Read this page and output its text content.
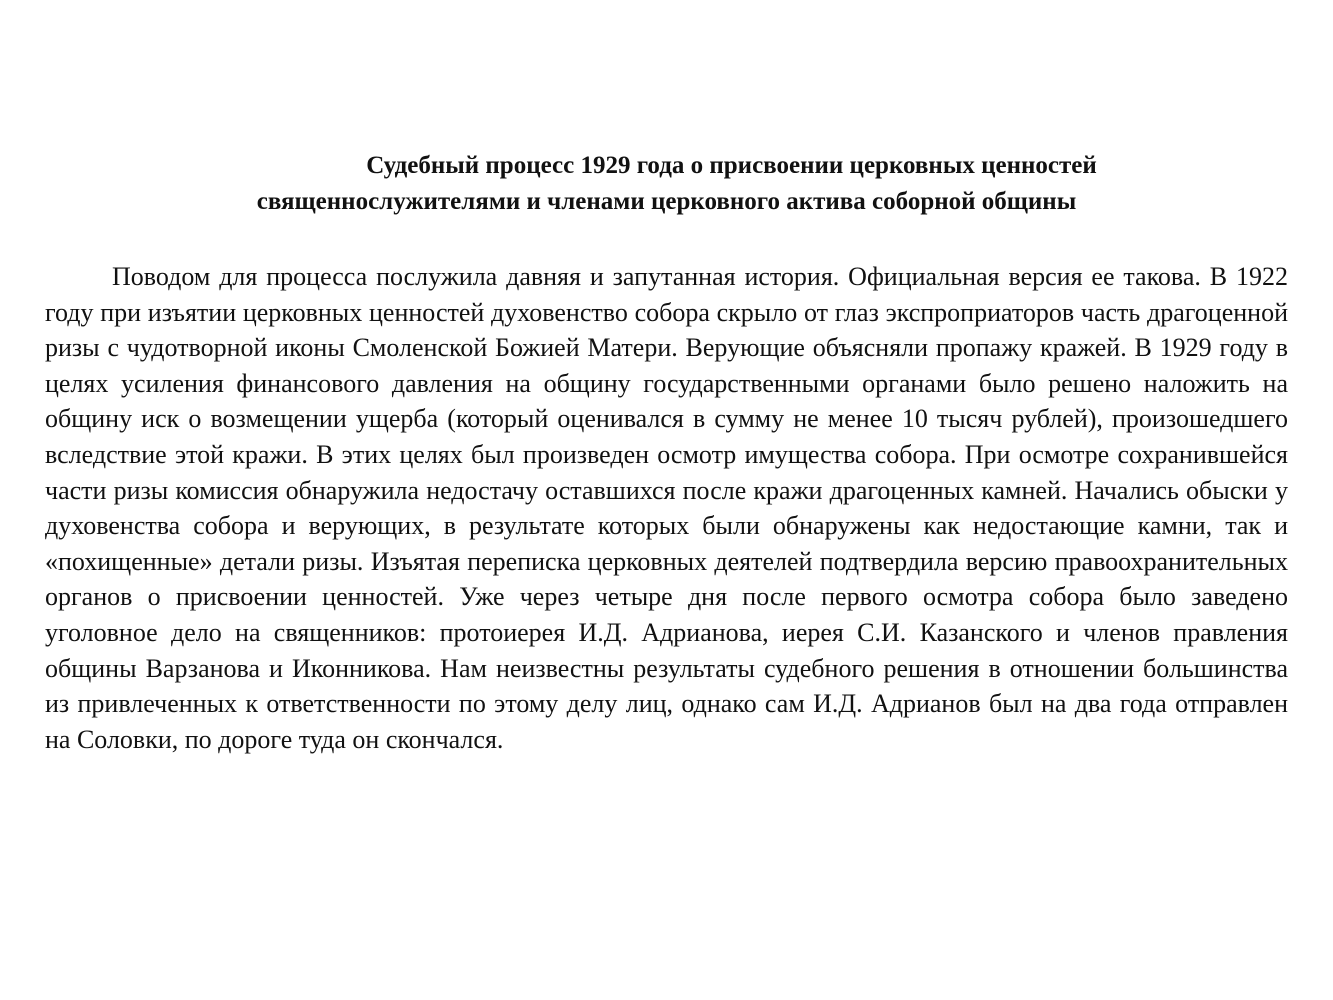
Судебный процесс 1929 года о присвоении церковных ценностей
священнослужителями и членами церковного актива соборной общины

Поводом для процесса послужила давняя и запутанная история. Официальная версия ее такова. В 1922 году при изъятии церковных ценностей духовенство собора скрыло от глаз экспроприаторов часть драгоценной ризы с чудотворной иконы Смоленской Божией Матери. Верующие объясняли пропажу кражей. В 1929 году в целях усиления финансового давления на общину государственными органами было решено наложить на общину иск о возмещении ущерба (который оценивался в сумму не менее 10 тысяч рублей), произошедшего вследствие этой кражи. В этих целях был произведен осмотр имущества собора. При осмотре сохранившейся части ризы комиссия обнаружила недостачу оставшихся после кражи драгоценных камней. Начались обыски у духовенства собора и верующих, в результате которых были обнаружены как недостающие камни, так и «похищенные» детали ризы. Изъятая переписка церковных деятелей подтвердила версию правоохранительных органов о присвоении ценностей. Уже через четыре дня после первого осмотра собора было заведено уголовное дело на священников: протоиерея И.Д. Адрианова, иерея С.И. Казанского и членов правления общины Варзанова и Иконникова. Нам неизвестны результаты судебного решения в отношении большинства из привлеченных к ответственности по этому делу лиц, однако сам И.Д. Адрианов был на два года отправлен на Соловки, по дороге туда он скончался.
